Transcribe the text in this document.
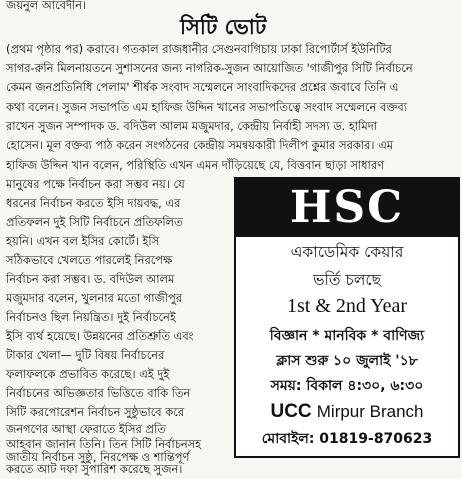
জয়নুল আবেদীন।
সিটি ভোট
(প্রথম পৃষ্ঠার পর) করাবে। গতকাল রাজধানীর সেগুনবাগিচায় ঢাকা রিপোর্টার্স ইউনিটির
সাগর-রুনি মিলনায়তনে সুশাসনের জন্য নাগরিক-সুজন আয়োজিত 'গাজীপুর সিটি নির্বাচনে
কেমন জনপ্রতিনিধি পেলাম' শীর্ষক সংবাদ সম্মেলনে সাংবাদিকদের প্রশ্নের জবাবে তিনি এ
কথা বলেন। সুজন সভাপতি এম হাফিজ উদ্দিন খানের সভাপতিত্বে সংবাদ সম্মেলনে বক্তব্য
রাখেন সুজন সম্পাদক ড. বদিউল আলম মজুমদার, কেন্দ্রীয় নির্বাহী সদস্য ড. হামিদা
হোসেন। মূল বক্তব্য পাঠ করেন সংগঠনের কেন্দ্রীয় সমন্বয়কারী দিলীপ কুমার সরকার। এম
হাফিজ উদ্দিন খান বলেন, পরিস্থিতি এখন এমন দাঁড়িয়েছে যে, বিত্তবান ছাড়া সাধারণ
মানুষের পক্ষে নির্বাচন করা সম্ভব নয়। যে
ধরনের নির্বাচন করতে ইসি দায়বদ্ধ, এর
প্রতিফলন দুই সিটি নির্বাচনে প্রতিফলিত
হয়নি। এখন বল ইসির কোর্টে। ইসি
সঠিকভাবে খেলতে পারলেই নিরপেক্ষ
নির্বাচন করা সম্ভব। ড. বদিউল আলম
মজুমদার বলেন, খুলনার মতো গাজীপুর
নির্বাচনও ছিল নিয়ন্ত্রিত। দুই নির্বাচনেই
ইসি ব্যর্থ হয়েছে। উন্নয়নের প্রতিশ্রুতি এবং
টাকার খেলা— দুটি বিষয় নির্বাচনের
ফলাফলকে প্রভাবিত করেছে। এই দুই
নির্বাচনের অভিজ্ঞতার ভিত্তিতে বাকি তিন
সিটি করপোরেশন নির্বাচন সুষ্ঠুভাবে করে
জনগণের আস্থা ফেরাতে ইসির প্রতি
আহবান জানান তিনি। তিন সিটি নির্বাচনসহ
জাতীয় নির্বাচন সুষ্ঠু, নিরপেক্ষ ও শান্তিপূর্ণ
করতে আট দফা সুপারিশ করেছে সুজন।
HSC
একাডেমিক কেয়ার
ভর্তি চলছে
1st & 2nd Year
বিজ্ঞান * মানবিক * বাণিজ্য
ক্লাস শুরু ১০ জুলাই '১৮
সময়: বিকাল ৪:৩০, ৬:৩০
UCC Mirpur Branch
মোবাইল: 01819-870623
